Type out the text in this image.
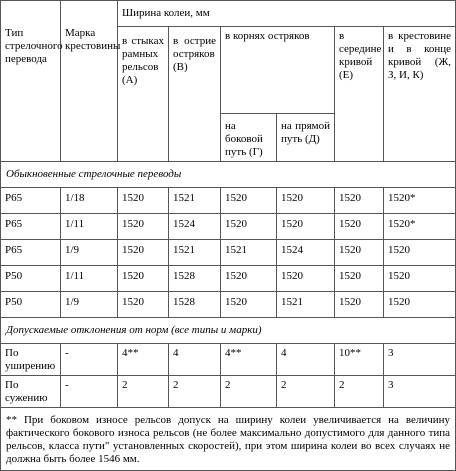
Тип стрелочного перевода	Марка крестовины	Ширина колеи, мм					
		в стыках рамных рельсов (А)	в острие остряков (В)	в корнях остряков		в середине кривой (Е)	в крестовине и в конце кривой (Ж, З, И, К)
				на боковой путь (Г)	на прямой путь (Д)		
Обыкновенные стрелочные переводы							
Р65	1/18	1520	1521	1520	1520	1520	1520*
Р65	1/11	1520	1524	1520	1520	1520	1520*
Р65	1/9	1520	1521	1521	1524	1520	1520
Р50	1/11	1520	1528	1520	1520	1520	1520
Р50	1/9	1520	1528	1520	1521	1520	1520
Допускаемые отклонения от норм (все типы и марки)							
По уширению	-	4**	4	4**	4	10**	3
По сужению	-	2	2	2	2	2	3
** При боковом износе рельсов допуск на ширину колеи увеличивается на величину фактического бокового износа рельсов (не более максимально допустимого для данного типа рельсов, класса пути" установленных скоростей), при этом ширина колеи во всех случаях не должна быть более 1546 мм.							
